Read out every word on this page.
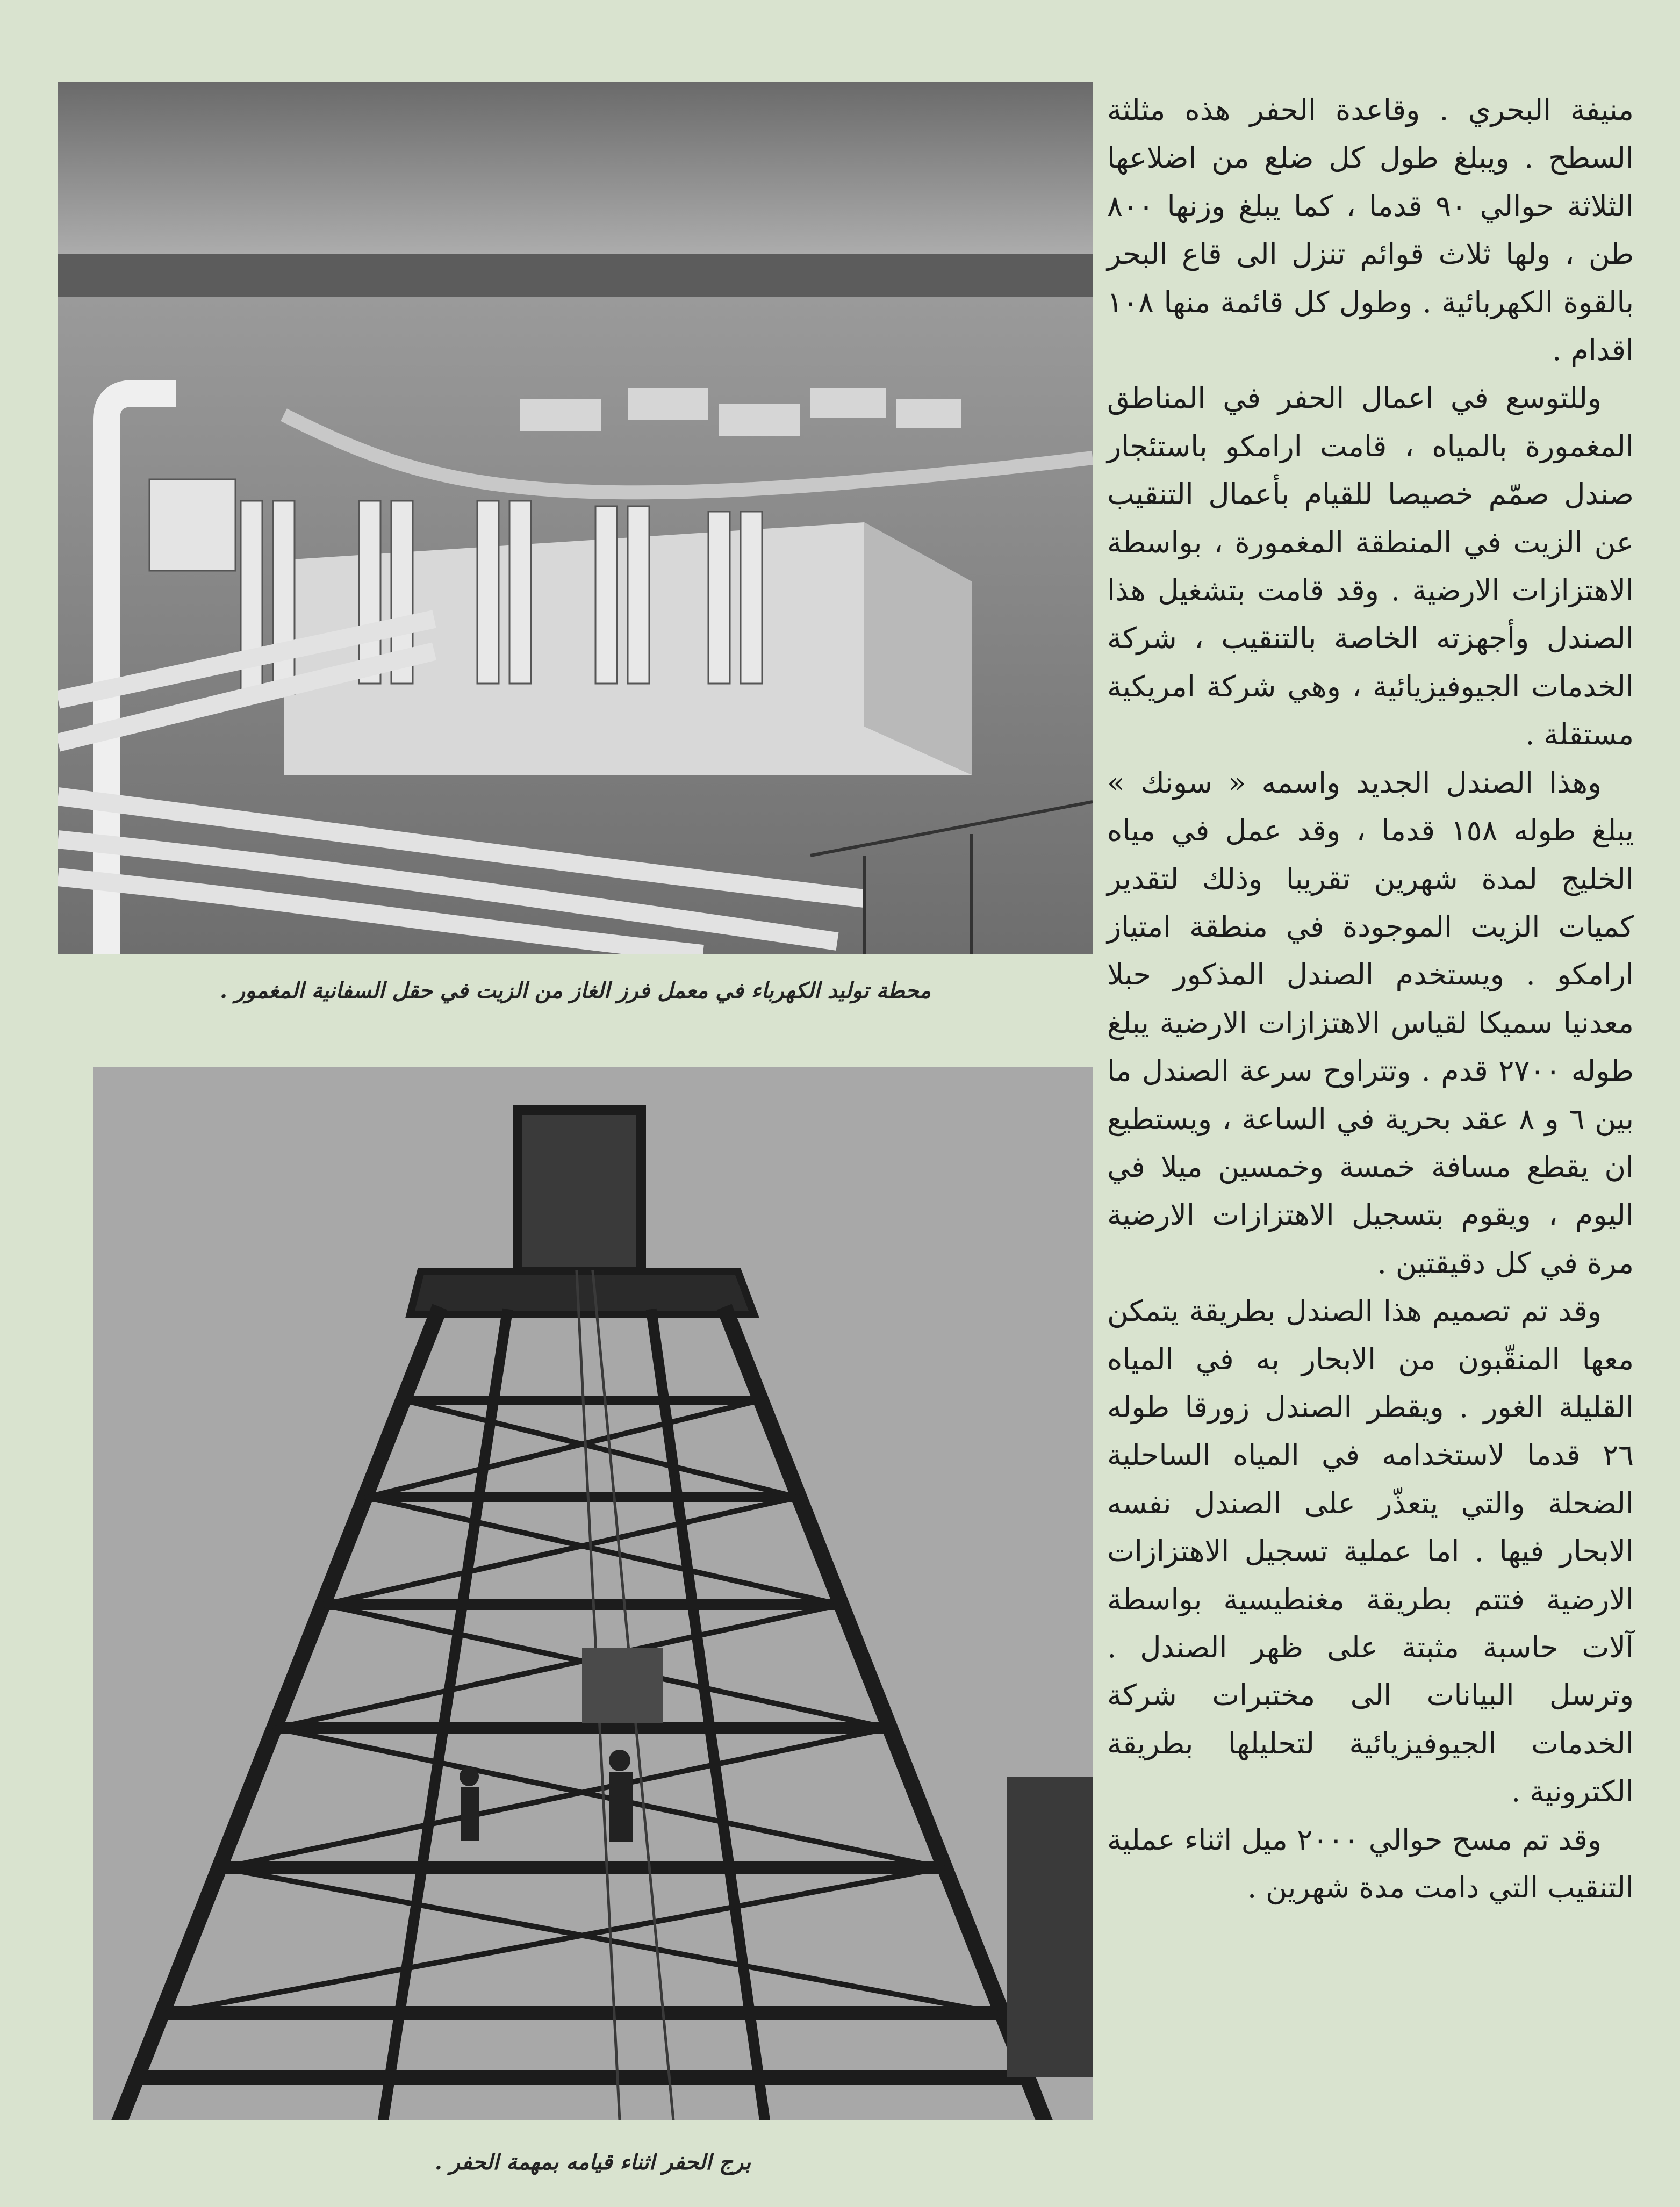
محطة توليد الكهرباء في معمل فرز الغاز من الزيت في حقل السفانية المغمور .
برج الحفر اثناء قيامه بمهمة الحفر .

منيفة البحري . وقاعدة الحفر هذه مثلثة السطح . ويبلغ طول كل ضلع من اضلاعها الثلاثة حوالي ٩٠ قدما ، كما يبلغ وزنها ٨٠٠ طن ، ولها ثلاث قوائم تنزل الى قاع البحر بالقوة الكهربائية . وطول كل قائمة منها ١٠٨ اقدام .

وللتوسع في اعمال الحفر في المناطق المغمورة بالمياه ، قامت ارامكو باستئجار صندل صمّم خصيصا للقيام بأعمال التنقيب عن الزيت في المنطقة المغمورة ، بواسطة الاهتزازات الارضية . وقد قامت بتشغيل هذا الصندل وأجهزته الخاصة بالتنقيب ، شركة الخدمات الجيوفيزيائية ، وهي شركة امريكية مستقلة .

وهذا الصندل الجديد واسمه « سونك » يبلغ طوله ١٥٨ قدما ، وقد عمل في مياه الخليج لمدة شهرين تقريبا وذلك لتقدير كميات الزيت الموجودة في منطقة امتياز ارامكو . ويستخدم الصندل المذكور حبلا معدنيا سميكا لقياس الاهتزازات الارضية يبلغ طوله ٢٧٠٠ قدم . وتتراوح سرعة الصندل ما بين ٦ و ٨ عقد بحرية في الساعة ، ويستطيع ان يقطع مسافة خمسة وخمسين ميلا في اليوم ، ويقوم بتسجيل الاهتزازات الارضية مرة في كل دقيقتين .

وقد تم تصميم هذا الصندل بطريقة يتمكن معها المنقّبون من الابحار به في المياه القليلة الغور . ويقطر الصندل زورقا طوله ٢٦ قدما لاستخدامه في المياه الساحلية الضحلة والتي يتعذّر على الصندل نفسه الابحار فيها . اما عملية تسجيل الاهتزازات الارضية فتتم بطريقة مغنطيسية بواسطة آلات حاسبة مثبتة على ظهر الصندل . وترسل البيانات الى مختبرات شركة الخدمات الجيوفيزيائية لتحليلها بطريقة الكترونية .

وقد تم مسح حوالي ٢٠٠٠ ميل اثناء عملية التنقيب التي دامت مدة شهرين .
